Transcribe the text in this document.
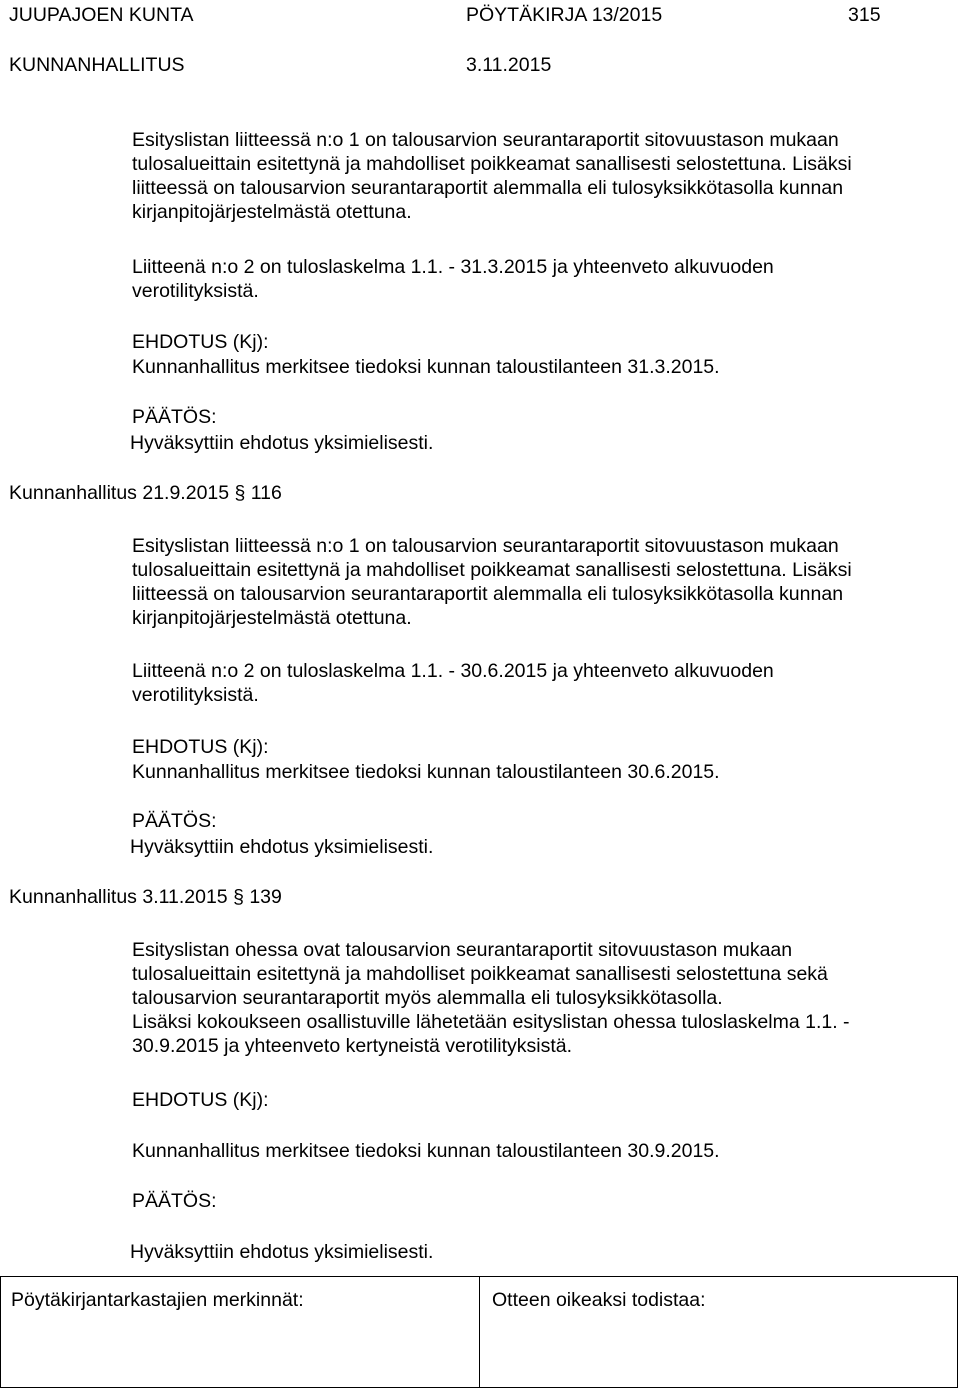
JUUPAJOEN KUNTA	PÖYTÄKIRJA 13/2015	315
KUNNANHALLITUS	3.11.2015
Esityslistan liitteessä n:o 1 on talousarvion seurantaraportit sitovuustason mukaan
tulosalueittain esitettynä ja mahdolliset poikkeamat sanallisesti selostettuna. Lisäksi
liitteessä on talousarvion seurantaraportit alemmalla eli tulosyksikkötasolla kunnan
kirjanpitojärjestelmästä otettuna.
Liitteenä n:o 2 on tuloslaskelma 1.1. - 31.3.2015 ja yhteenveto alkuvuoden
verotilityksistä.
EHDOTUS (Kj):
Kunnanhallitus merkitsee tiedoksi kunnan taloustilanteen 31.3.2015.
PÄÄTÖS:
Hyväksyttiin ehdotus yksimielisesti.
Kunnanhallitus 21.9.2015 § 116
Esityslistan liitteessä n:o 1 on talousarvion seurantaraportit sitovuustason mukaan
tulosalueittain esitettynä ja mahdolliset poikkeamat sanallisesti selostettuna. Lisäksi
liitteessä on talousarvion seurantaraportit alemmalla eli tulosyksikkötasolla kunnan
kirjanpitojärjestelmästä otettuna.
Liitteenä n:o 2 on tuloslaskelma 1.1. - 30.6.2015 ja yhteenveto alkuvuoden
verotilityksistä.
EHDOTUS (Kj):
Kunnanhallitus merkitsee tiedoksi kunnan taloustilanteen 30.6.2015.
PÄÄTÖS:
Hyväksyttiin ehdotus yksimielisesti.
Kunnanhallitus 3.11.2015 § 139
Esityslistan ohessa ovat talousarvion seurantaraportit sitovuustason mukaan
tulosalueittain esitettynä ja mahdolliset poikkeamat sanallisesti selostettuna sekä
talousarvion seurantaraportit myös alemmalla eli tulosyksikkötasolla.
Lisäksi kokoukseen osallistuville lähetetään esityslistan ohessa tuloslaskelma 1.1. -
30.9.2015 ja yhteenveto kertyneistä verotilityksistä.
EHDOTUS (Kj):
Kunnanhallitus merkitsee tiedoksi kunnan taloustilanteen 30.9.2015.
PÄÄTÖS:
Hyväksyttiin ehdotus yksimielisesti.
Pöytäkirjantarkastajien merkinnät:	Otteen oikeaksi todistaa:
